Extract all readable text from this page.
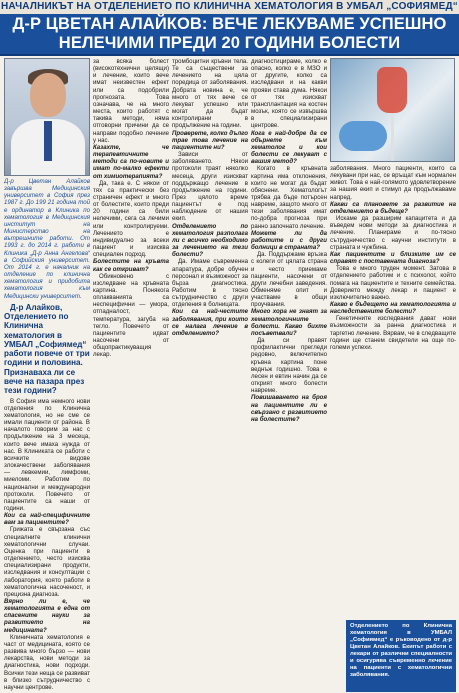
НАЧАЛНИКЪТ НА ОТДЕЛЕНИЕТО ПО КЛИНИЧНА ХЕМАТОЛОГИЯ В УМБАЛ „СОФИЯМЕД“
Д-Р ЦВЕТАН АЛАЙКОВ: ВЕЧЕ ЛЕКУВАМЕ УСПЕШНО
НЕЛЕЧИМИ ПРЕДИ 20 ГОДИНИ БОЛЕСТИ

Д-р Цветан Алайков завършва Медицинския университет в София през 1987 г. До 199 21 година той е ординатор в Клиника по хематология в Медицинския институт на Министерство на вътрешните работи. От 1993 г. до 2014 г. работи в Клиника „Д-р Анна Ангелова“ в Софийския университет. От 2014 г. е началник на отделение по клинична хематология и придобита хематология към Медицински университет.

Д-р Алайков, Отделението по Клинична хематология в УМБАЛ „Софиямед“ работи повече от три години и половина. Признаваха ли се вече на пазара през тези години?

В София има немного нови отделения по Клинична хематология, но не сме се имали пациенти от района. В началото говорим за нас с продължение на 3 месеца, които вече имаха нужда от нас. В Клиниката се работи с всичките видове злокачествени заболявания — левкемии, лимфоми, миеломи. Работим по национални и международни протоколи. Повечето от пациентите са наши от години.

Кои са най-специфичните вам за пациентите?

Грижата е свързана със специалните клинични хематологични случаи. Оценка при пациенти в отделението, често изисква специализирани продукти, изследвания и консултации с лаборатория, която работи в хематологична насоченост, и прецизна диагноза.

Вярно ли е, че хематологията е една от спасените науки за развитието на медицината?

Клиничната хематология е част от медицината, която се развива много бързо — нови лекарства, нови методи за диагностика, нови подходи. Всички тези неща се развиват в близко сътрудничество с научни центрове.

за всяка болест (високотехнични целящи) и лечение, които вече имат неизвестен ефект или са подобрили прогнозата. Това означава, че на много места, които работят с такива методи, няма отговорни причини да се направи подобно лечение у нас.

Казахте, че терапевтичните методи са по-новите и имат по-малко ефекти от химиотерапията?

Да, така е. С някои от тях са практически без страничен ефект и много от болестите, които преди 20 години са били нелечими, сега са лечими или контролируеми. Лечението е индивидуално за всеки пациент и изисква специален подход.

Болестите на кръвта как се откриват?

Обикновено с изследване на кръвната картина. Понякога оплакванията са неспецифични — умора, отпадналост, температура, загуба на тегло. Повечето от пациентите идват насочени от общопрактикуващия лекар.

тромбоцитни кръвни тела. Те са съществени за лечението на цяла поредица от заболявания. Добрата новина е, че много от тях вече се лекуват успешно или могат да бъдат контролирани в продължение на години.

Проверете, колко дълго трае това лечение на пациентите ни?

Зависи от заболяването. Някои протоколи траят няколко месеца, други изискват поддържащо лечение в продължение на години. През цялото време пациентът е под наблюдение от нашия екип.

Отделението по хематология разполага ли с всичко необходимо за лечението на тези болести?

Да. Имаме съвременна апаратура, добре обучен персонал и възможност за бърза диагностика. Работим в тясно сътрудничество с други отделения в болницата.

Кои са най-честите заболявания, при които се налага лечение в отделението?

диагностицираме, колко е опасно, колко е в МЗО и от другите, колко са изследвани и на какви прояви става дума. Някои от тях изискват трансплантация на костен мозък, която се извършва в специализирани центрове.

Кога е най-добре да се обърнете към хематолог и кои болести се лекуват с вашия метод?

Когато в кръвната картина има отклонения, които не могат да бъдат обяснени. Хематологът трябва да бъде потърсен навреме, защото много от тези заболявания имат по-добра прогноза при ранно започнато лечение.

Можете ли да работите и с други болници в страната?

Да. Поддържаме връзка с колеги от цялата страна и често приемаме пациенти, насочени от други лечебни заведения. Обменяме опит и участваме в общи проучвания.

Много хора не знаят за хематологичните болести. Какво бихте посъветвали?

Да си правят профилактични прегледи редовно, включително кръвна картина поне веднъж годишно. Това е лесен и евтин начин да се открият много болести навреме.

Повишаването на броя на пациентите ли е свързано с развитието на болестите?

заболявания. Много пациенти, които са лекувани при нас, се връщат към нормален живот. Това е най-голямото удовлетворение за нашия екип и стимул да продължаваме напред.

Какви са плановете за развитие на отделението в бъдеще?

Искаме да разширим капацитета и да въведем нови методи за диагностика и лечение. Планираме и по-тясно сътрудничество с научни институти в страната и чужбина.

Как пациентите и близките им се справят с поставената диагноза?

Това е много труден момент. Затова в отделението работим и с психолог, който помага на пациентите и техните семейства. Доверието между лекар и пациент е изключително важно.

Какво е бъдещето на хематологията и наследствените болести?

Генетичните изследвания дават нови възможности за ранна диагностика и таргетно лечение. Вярвам, че в следващите години ще станем свидетели на още по-големи успехи.

Отделението по Клинична хематология в УМБАЛ „Софиямед“ е ръководено от д-р Цветан Алайков. Екипът работи с лекари от различни специалности и осигурява съвременно лечение на пациенти с хематологични заболявания.
